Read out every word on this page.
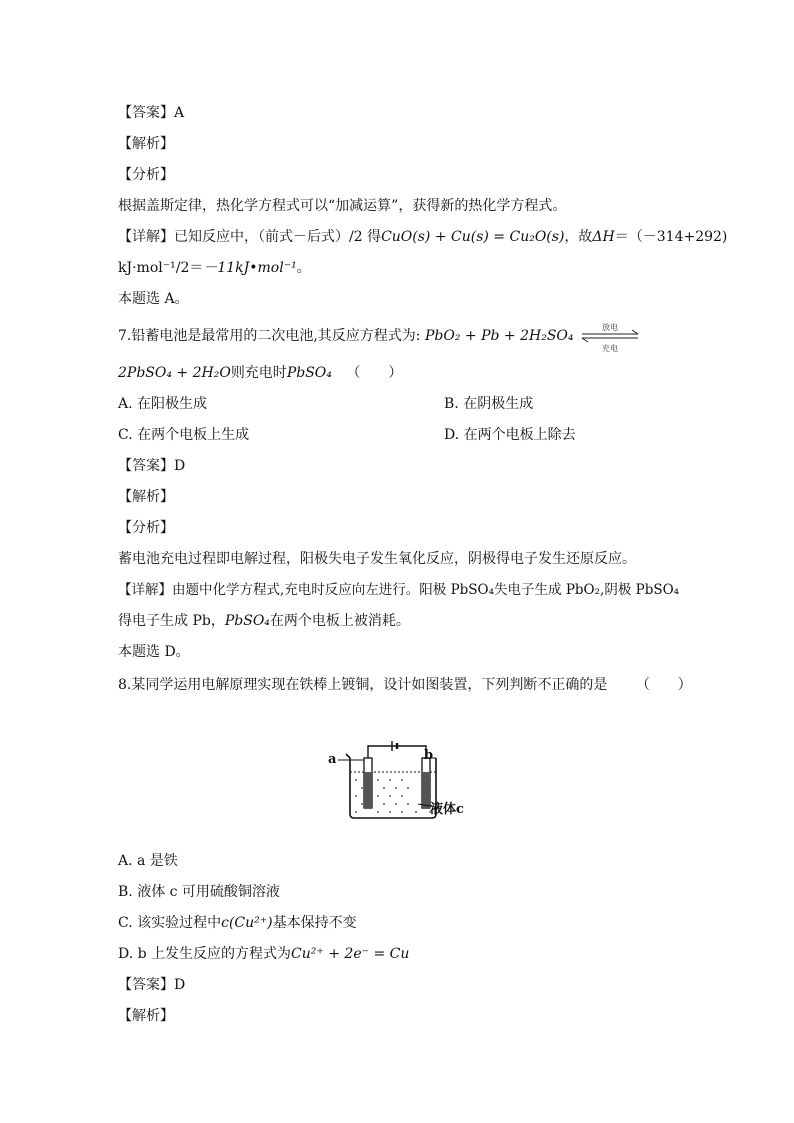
【答案】A
【解析】
【分析】
根据盖斯定律，热化学方程式可以“加减运算”，获得新的热化学方程式。
【详解】已知反应中，（前式－后式）/2 得CuO(s) + Cu(s) = Cu₂O(s)，故ΔH＝（－314+292)
kJ·mol⁻¹/2＝－11kJ•mol⁻¹。
本题选 A。
7.铅蓄电池是最常用的二次电池,其反应方程式为: PbO₂ + Pb + 2H₂SO₄
放电
充电
2PbSO₄ + 2H₂O则充电时PbSO₄ （　　）
A. 在阳极生成	B. 在阴极生成
C. 在两个电板上生成	D. 在两个电板上除去
【答案】D
【解析】
【分析】
蓄电池充电过程即电解过程，阳极失电子发生氧化反应，阴极得电子发生还原反应。
【详解】由题中化学方程式,充电时反应向左进行。阳极 PbSO₄失电子生成 PbO₂,阴极 PbSO₄
得电子生成 Pb，PbSO₄在两个电板上被消耗。
本题选 D。
8.某同学运用电解原理实现在铁棒上镀铜，设计如图装置，下列判断不正确的是 （　　）
a	b
液体c
A. a 是铁
B. 液体 c 可用硫酸铜溶液
C. 该实验过程中c(Cu²⁺)基本保持不变
D. b 上发生反应的方程式为Cu²⁺ + 2e⁻ = Cu
【答案】D
【解析】
